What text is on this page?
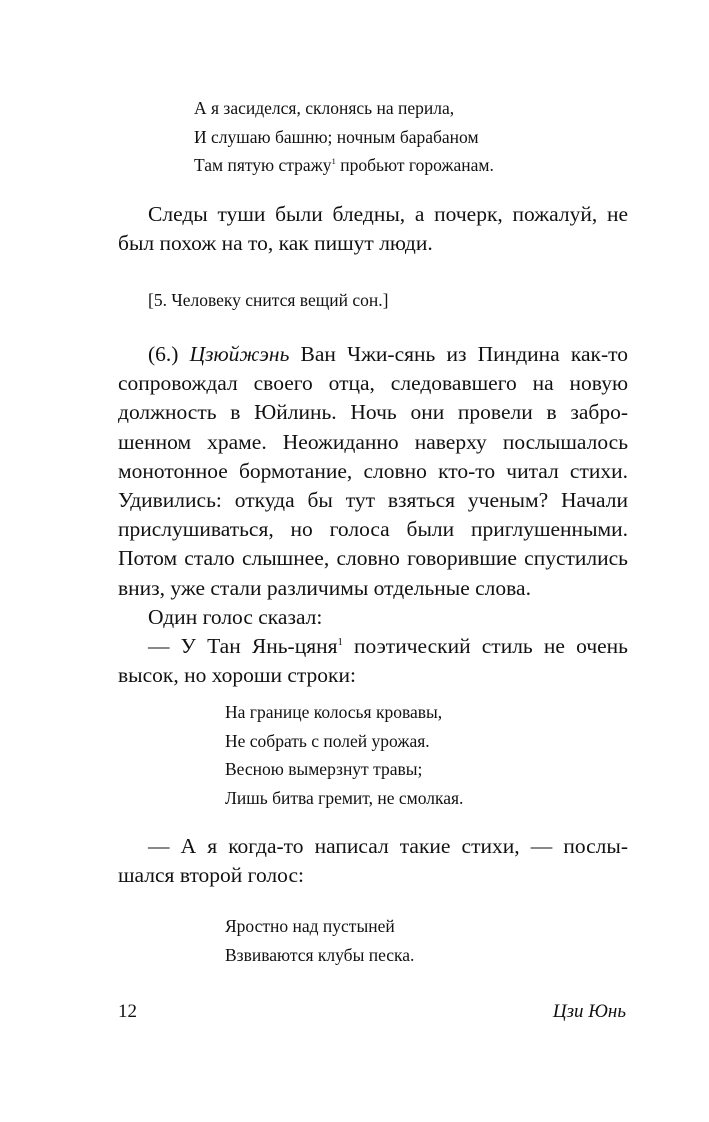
А я засиделся, склонясь на перила,
И слушаю башню; ночным барабаном
Там пятую стражу$^1$ пробьют горожанам.

Следы туши были бледны, а почерк, пожалуй, не был похож на то, как пишут люди.

[5. Человеку снится вещий сон.]

(6.) Цзюйжэнь Ван Чжи-сянь из Пиндина как-то сопровождал своего отца, следовавшего на новую должность в Юйлинь. Ночь они провели в заброшенном храме. Неожиданно наверху послышалось монотонное бормотание, словно кто-то читал стихи. Удивились: откуда бы тут взяться ученым? Начали прислушиваться, но голоса были приглушенными. Потом стало слышнее, словно говорившие спустились вниз, уже стали различимы отдельные слова.

Один голос сказал:

— У Тан Янь-цяня$^1$ поэтический стиль не очень высок, но хороши строки:

На границе колосья кровавы,
Не собрать с полей урожая.
Весною вымерзнут травы;
Лишь битва гремит, не смолкая.

— А я когда-то написал такие стихи, — послышался второй голос:

Яростно над пустыней
Взвиваются клубы песка.
12	Цзи Юнь
